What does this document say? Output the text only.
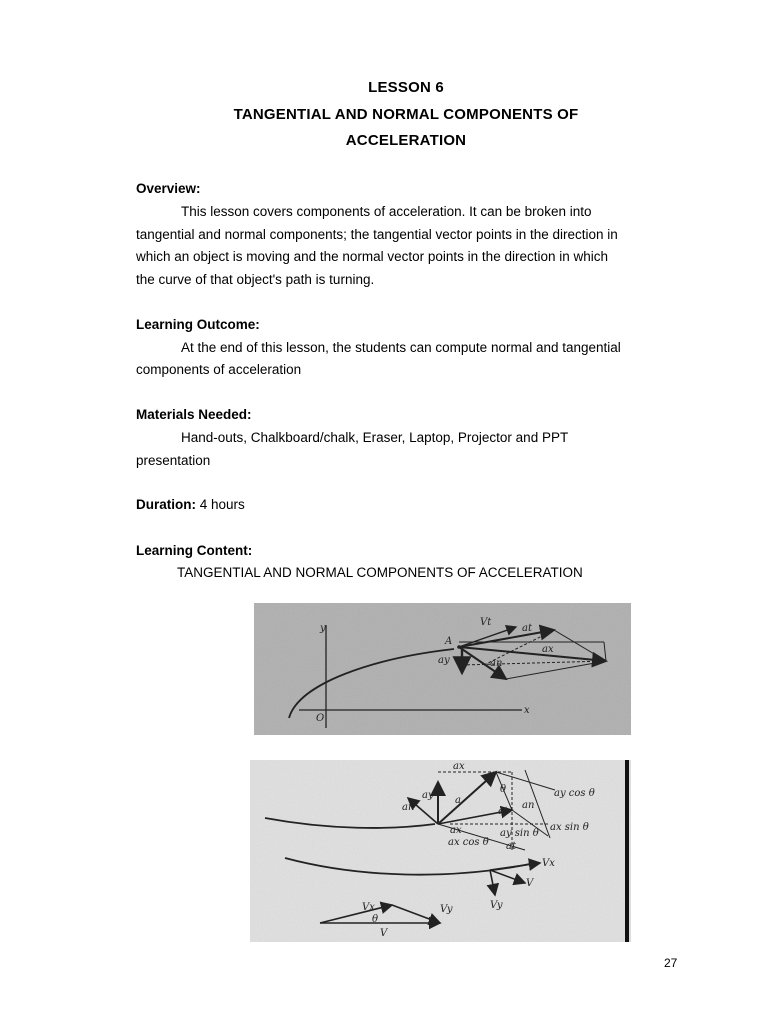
LESSON 6
TANGENTIAL AND NORMAL COMPONENTS OF
ACCELERATION
Overview:
This lesson covers components of acceleration. It can be broken into
tangential and normal components; the tangential vector points in the direction in
which an object is moving and the normal vector points in the direction in which
the curve of that object's path is turning.
Learning Outcome:
At the end of this lesson, the students can compute normal and tangential
components of acceleration
Materials Needed:
Hand-outs, Chalkboard/chalk, Eraser, Laptop, Projector and PPT
presentation
Duration: 4 hours
Learning Content:
TANGENTIAL AND NORMAL COMPONENTS OF ACCELERATION
y
x
O
A
Vt
at
ax
ay	an
ax
ay a
an	an
at
θ
ax
ay cos θ
ax sin θ
ax cos θ
ay sin θ
at
Vx
V
Vy
Vx	Vy
V
θ
27
